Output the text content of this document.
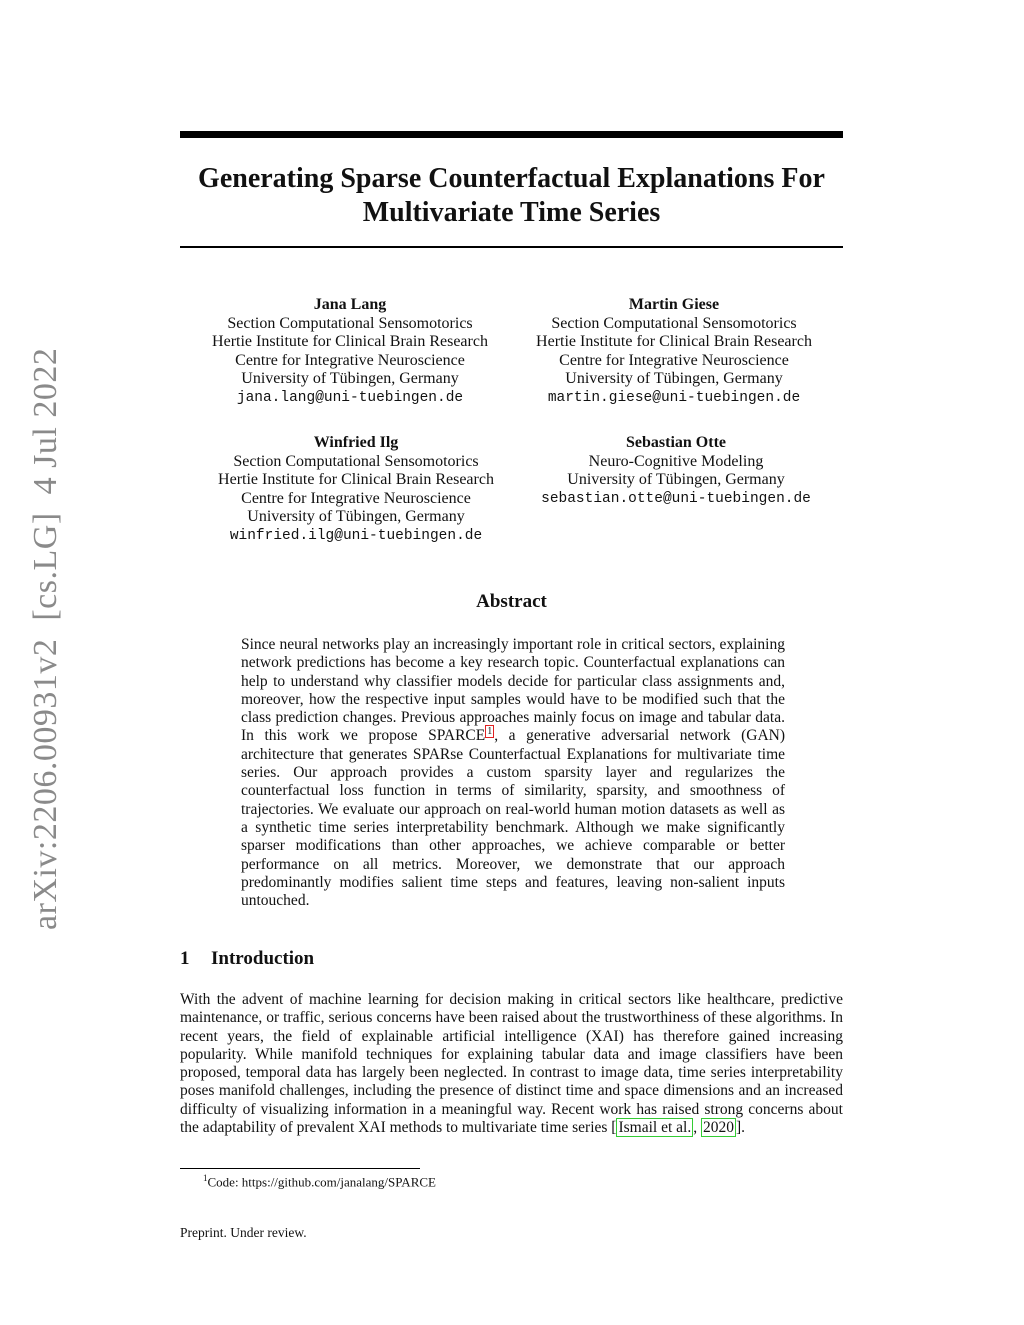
arXiv:2206.00931v2  [cs.LG]  4 Jul 2022
Generating Sparse Counterfactual Explanations For
Multivariate Time Series
Jana Lang
Section Computational Sensomotorics
Hertie Institute for Clinical Brain Research
Centre for Integrative Neuroscience
University of Tübingen, Germany
jana.lang@uni-tuebingen.de
Martin Giese
Section Computational Sensomotorics
Hertie Institute for Clinical Brain Research
Centre for Integrative Neuroscience
University of Tübingen, Germany
martin.giese@uni-tuebingen.de
Winfried Ilg
Section Computational Sensomotorics
Hertie Institute for Clinical Brain Research
Centre for Integrative Neuroscience
University of Tübingen, Germany
winfried.ilg@uni-tuebingen.de
Sebastian Otte
Neuro-Cognitive Modeling
University of Tübingen, Germany
sebastian.otte@uni-tuebingen.de
Abstract

Since neural networks play an increasingly important role in critical sectors, explaining network predictions has become a key research topic. Counterfactual explanations can help to understand why classifier models decide for particular class assignments and, moreover, how the respective input samples would have to be modified such that the class prediction changes. Previous approaches mainly focus on image and tabular data. In this work we propose SPARCE $^1$ , a generative adversarial network (GAN) architecture that generates SPARse Counterfactual Explanations for multivariate time series. Our approach provides a custom sparsity layer and regularizes the counterfactual loss function in terms of similarity, sparsity, and smoothness of trajectories. We evaluate our approach on real-world human motion datasets as well as a synthetic time series interpretability benchmark. Although we make significantly sparser modifications than other approaches, we achieve comparable or better performance on all metrics. Moreover, we demonstrate that our approach predominantly modifies salient time steps and features, leaving non-salient inputs untouched.

1 Introduction

With the advent of machine learning for decision making in critical sectors like healthcare, predictive maintenance, or traffic, serious concerns have been raised about the trustworthiness of these algorithms. In recent years, the field of explainable artificial intelligence (XAI) has therefore gained increasing popularity. While manifold techniques for explaining tabular data and image classifiers have been proposed, temporal data has largely been neglected. In contrast to image data, time series interpretability poses manifold challenges, including the presence of distinct time and space dimensions and an increased difficulty of visualizing information in a meaningful way. Recent work has raised strong concerns about the adaptability of prevalent XAI methods to multivariate time series [ Ismail et al. , 2020 ].

$^1$Code: https://github.com/janalang/SPARCE

Preprint. Under review.
